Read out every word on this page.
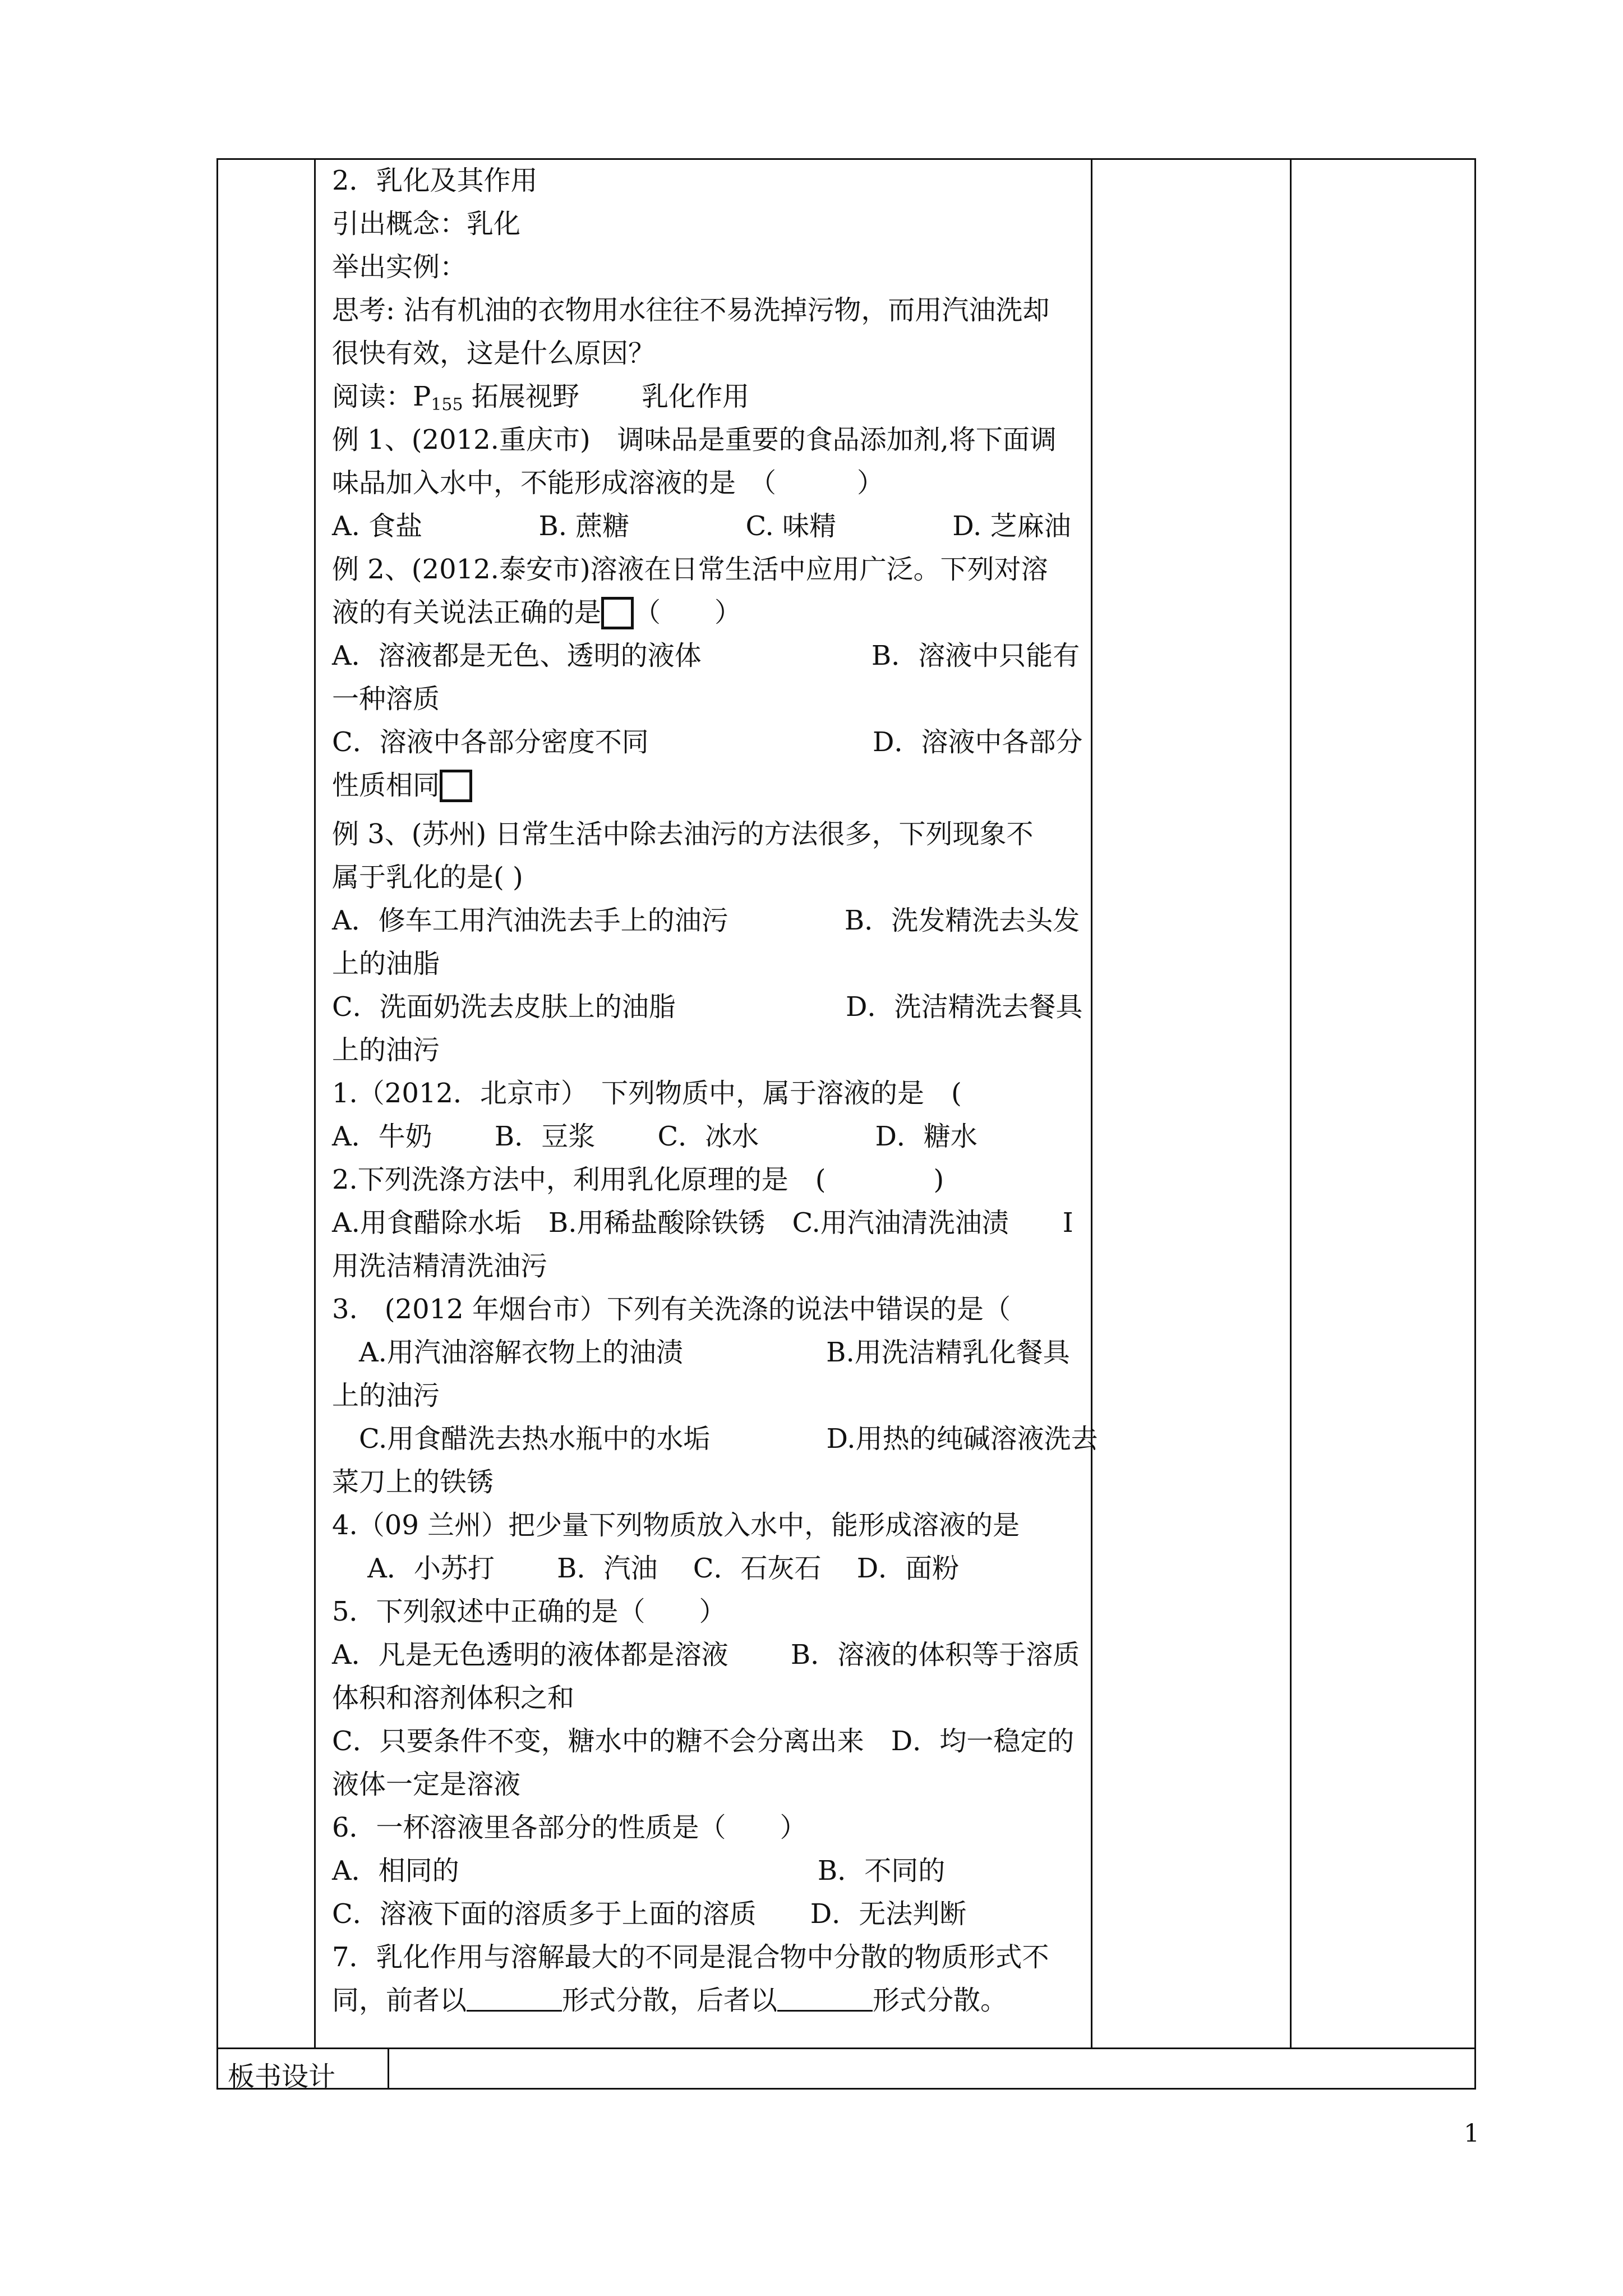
2．乳化及其作用
引出概念：乳化
举出实例：
思考: 沾有机油的衣物用水往往不易洗掉污物，而用汽油洗却
很快有效，这是什么原因？
阅读：$P_{155}$ 拓展视野　　 乳化作用
例 1、(2012.重庆市)　调味品是重要的食品添加剂,将下面调
味品加入水中，不能形成溶液的是　（　　　）
A. 食盐　　　　 B. 蔗糖　　　　 C. 味精　　　　 D. 芝麻油
例 2、(2012.泰安市)溶液在日常生活中应用广泛。下列对溶
液的有关说法正确的是 （　　）
A．溶液都是无色、透明的液体　　　　　　 B．溶液中只能有
一种溶质
C．溶液中各部分密度不同　　　　　　　　 D．溶液中各部分
性质相同
例 3、(苏州) 日常生活中除去油污的方法很多，下列现象不
属于乳化的是( )
A．修车工用汽油洗去手上的油污　　　　 B．洗发精洗去头发
上的油脂
C．洗面奶洗去皮肤上的油脂　　　　　　 D．洗洁精洗去餐具
上的油污
1.（2012．北京市）　下列物质中，属于溶液的是　(
A．牛奶　　 B．豆浆　　 C．冰水　　　　 D．糖水
2.下列洗涤方法中，利用乳化原理的是　(　　　　)
A.用食醋除水垢　B.用稀盐酸除铁锈　C.用汽油清洗油渍　　I
用洗洁精清洗油污
3.　(2012 年烟台市）下列有关洗涤的说法中错误的是（
　A.用汽油溶解衣物上的油渍　　　　　 B.用洗洁精乳化餐具
上的油污
　C.用食醋洗去热水瓶中的水垢　　　　 D.用热的纯碱溶液洗去
菜刀上的铁锈
4.（09 兰州）把少量下列物质放入水中，能形成溶液的是
　 A．小苏打　　 B．汽油　 C．石灰石　 D．面粉
5．下列叙述中正确的是（　　）
A．凡是无色透明的液体都是溶液　　 B．溶液的体积等于溶质
体积和溶剂体积之和
C．只要条件不变，糖水中的糖不会分离出来　D．均一稳定的
液体一定是溶液
6．一杯溶液里各部分的性质是（　　）
A．相同的　　　　　　　　　　　　　 B．不同的
C．溶液下面的溶质多于上面的溶质　　D．无法判断
7．乳化作用与溶解最大的不同是混合物中分散的物质形式不
同，前者以	形式分散，后者以	形式分散。
板书设计
1
